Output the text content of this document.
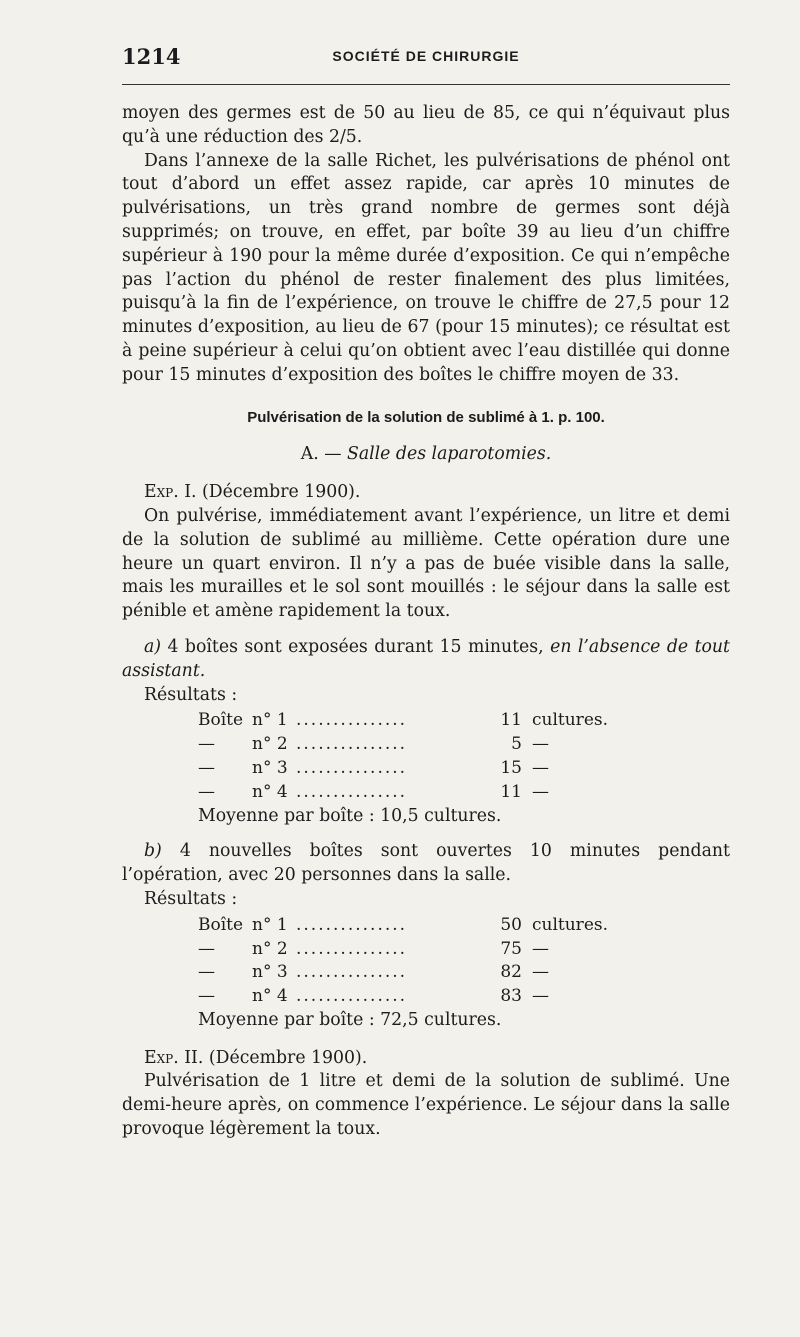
1214	SOCIÉTÉ DE CHIRURGIE

moyen des germes est de 50 au lieu de 85, ce qui n’équivaut plus qu’à une réduction des 2/5.

Dans l’annexe de la salle Richet, les pulvérisations de phénol ont tout d’abord un effet assez rapide, car après 10 minutes de pulvérisations, un très grand nombre de germes sont déjà supprimés; on trouve, en effet, par boîte 39 au lieu d’un chiffre supérieur à 190 pour la même durée d’exposition. Ce qui n’empêche pas l’action du phénol de rester finalement des plus limitées, puisqu’à la fin de l’expérience, on trouve le chiffre de 27,5 pour 12 minutes d’exposition, au lieu de 67 (pour 15 minutes); ce résultat est à peine supérieur à celui qu’on obtient avec l’eau distillée qui donne pour 15 minutes d’exposition des boîtes le chiffre moyen de 33.

Pulvérisation de la solution de sublimé à 1. p. 100.
A. — Salle des laparotomies.
Exp. I. (Décembre 1900).

On pulvérise, immédiatement avant l’expérience, un litre et demi de la solution de sublimé au millième. Cette opération dure une heure un quart environ. Il n’y a pas de buée visible dans la salle, mais les murailles et le sol sont mouillés : le séjour dans la salle est pénible et amène rapidement la toux.

a) 4 boîtes sont exposées durant 15 minutes, en l’absence de tout assistant.

Résultats :
Boîte	n° 1	...............	11	cultures.
—	n° 2	...............	5	—
—	n° 3	...............	15	—
—	n° 4	...............	11	—
Moyenne par boîte : 10,5 cultures.

b) 4 nouvelles boîtes sont ouvertes 10 minutes pendant l’opération, avec 20 personnes dans la salle.

Résultats :
Boîte	n° 1	...............	50	cultures.
—	n° 2	...............	75	—
—	n° 3	...............	82	—
—	n° 4	...............	83	—
Moyenne par boîte : 72,5 cultures.
Exp. II. (Décembre 1900).

Pulvérisation de 1 litre et demi de la solution de sublimé. Une demi-heure après, on commence l’expérience. Le séjour dans la salle provoque légèrement la toux.
